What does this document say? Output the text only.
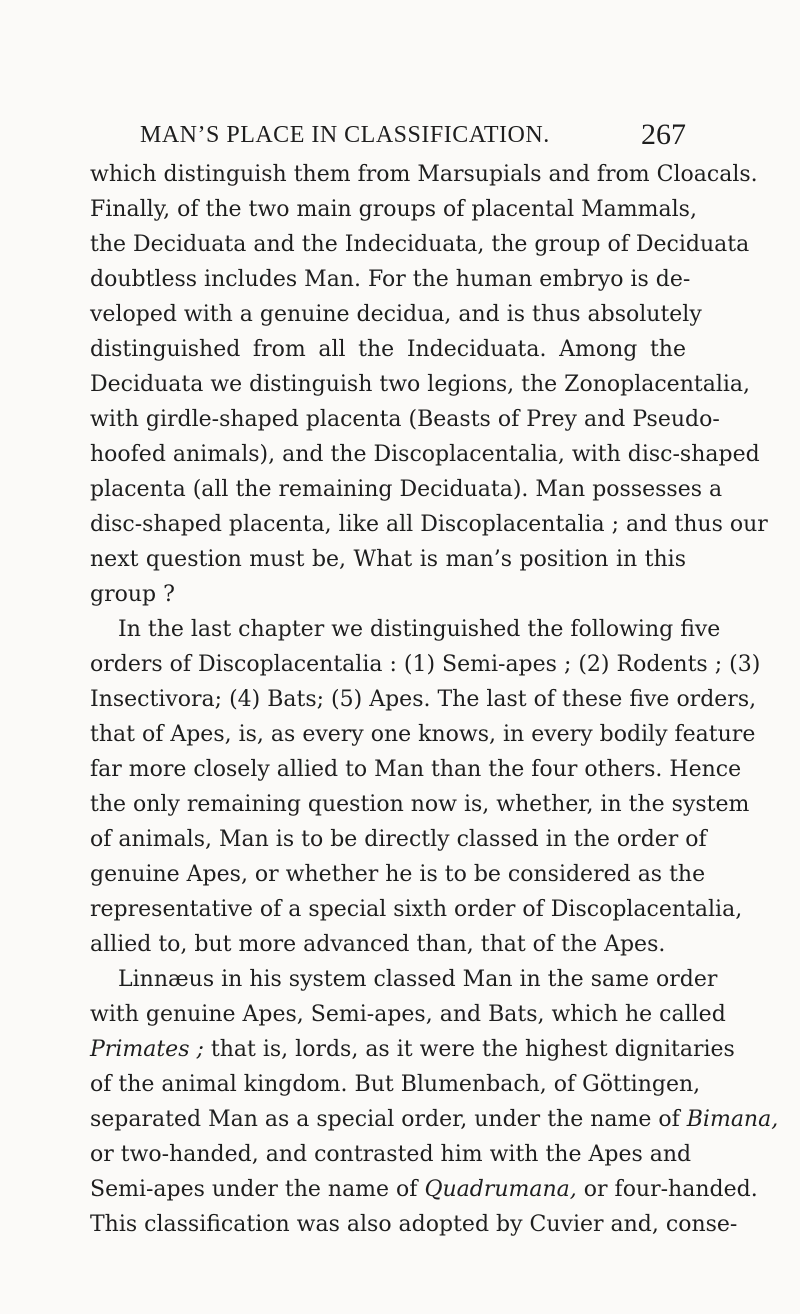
MAN’S PLACE IN CLASSIFICATION.	267
which distinguish them from Marsupials and from Cloacals.
Finally, of the two main groups of placental Mammals,
the Deciduata and the Indeciduata, the group of Deciduata
doubtless includes Man. For the human embryo is de-
veloped with a genuine decidua, and is thus absolutely
distinguished from all the Indeciduata. Among the
Deciduata we distinguish two legions, the Zonoplacentalia,
with girdle-shaped placenta (Beasts of Prey and Pseudo-
hoofed animals), and the Discoplacentalia, with disc-shaped
placenta (all the remaining Deciduata). Man possesses a
disc-shaped placenta, like all Discoplacentalia ; and thus our
next question must be, What is man’s position in this
group ?
In the last chapter we distinguished the following five
orders of Discoplacentalia : (1) Semi-apes ; (2) Rodents ; (3)
Insectivora; (4) Bats; (5) Apes. The last of these five orders,
that of Apes, is, as every one knows, in every bodily feature
far more closely allied to Man than the four others. Hence
the only remaining question now is, whether, in the system
of animals, Man is to be directly classed in the order of
genuine Apes, or whether he is to be considered as the
representative of a special sixth order of Discoplacentalia,
allied to, but more advanced than, that of the Apes.
Linnæus in his system classed Man in the same order
with genuine Apes, Semi-apes, and Bats, which he called
Primates ; that is, lords, as it were the highest dignitaries
of the animal kingdom. But Blumenbach, of Göttingen,
separated Man as a special order, under the name of Bimana,
or two-handed, and contrasted him with the Apes and
Semi-apes under the name of Quadrumana, or four-handed.
This classification was also adopted by Cuvier and, conse-
